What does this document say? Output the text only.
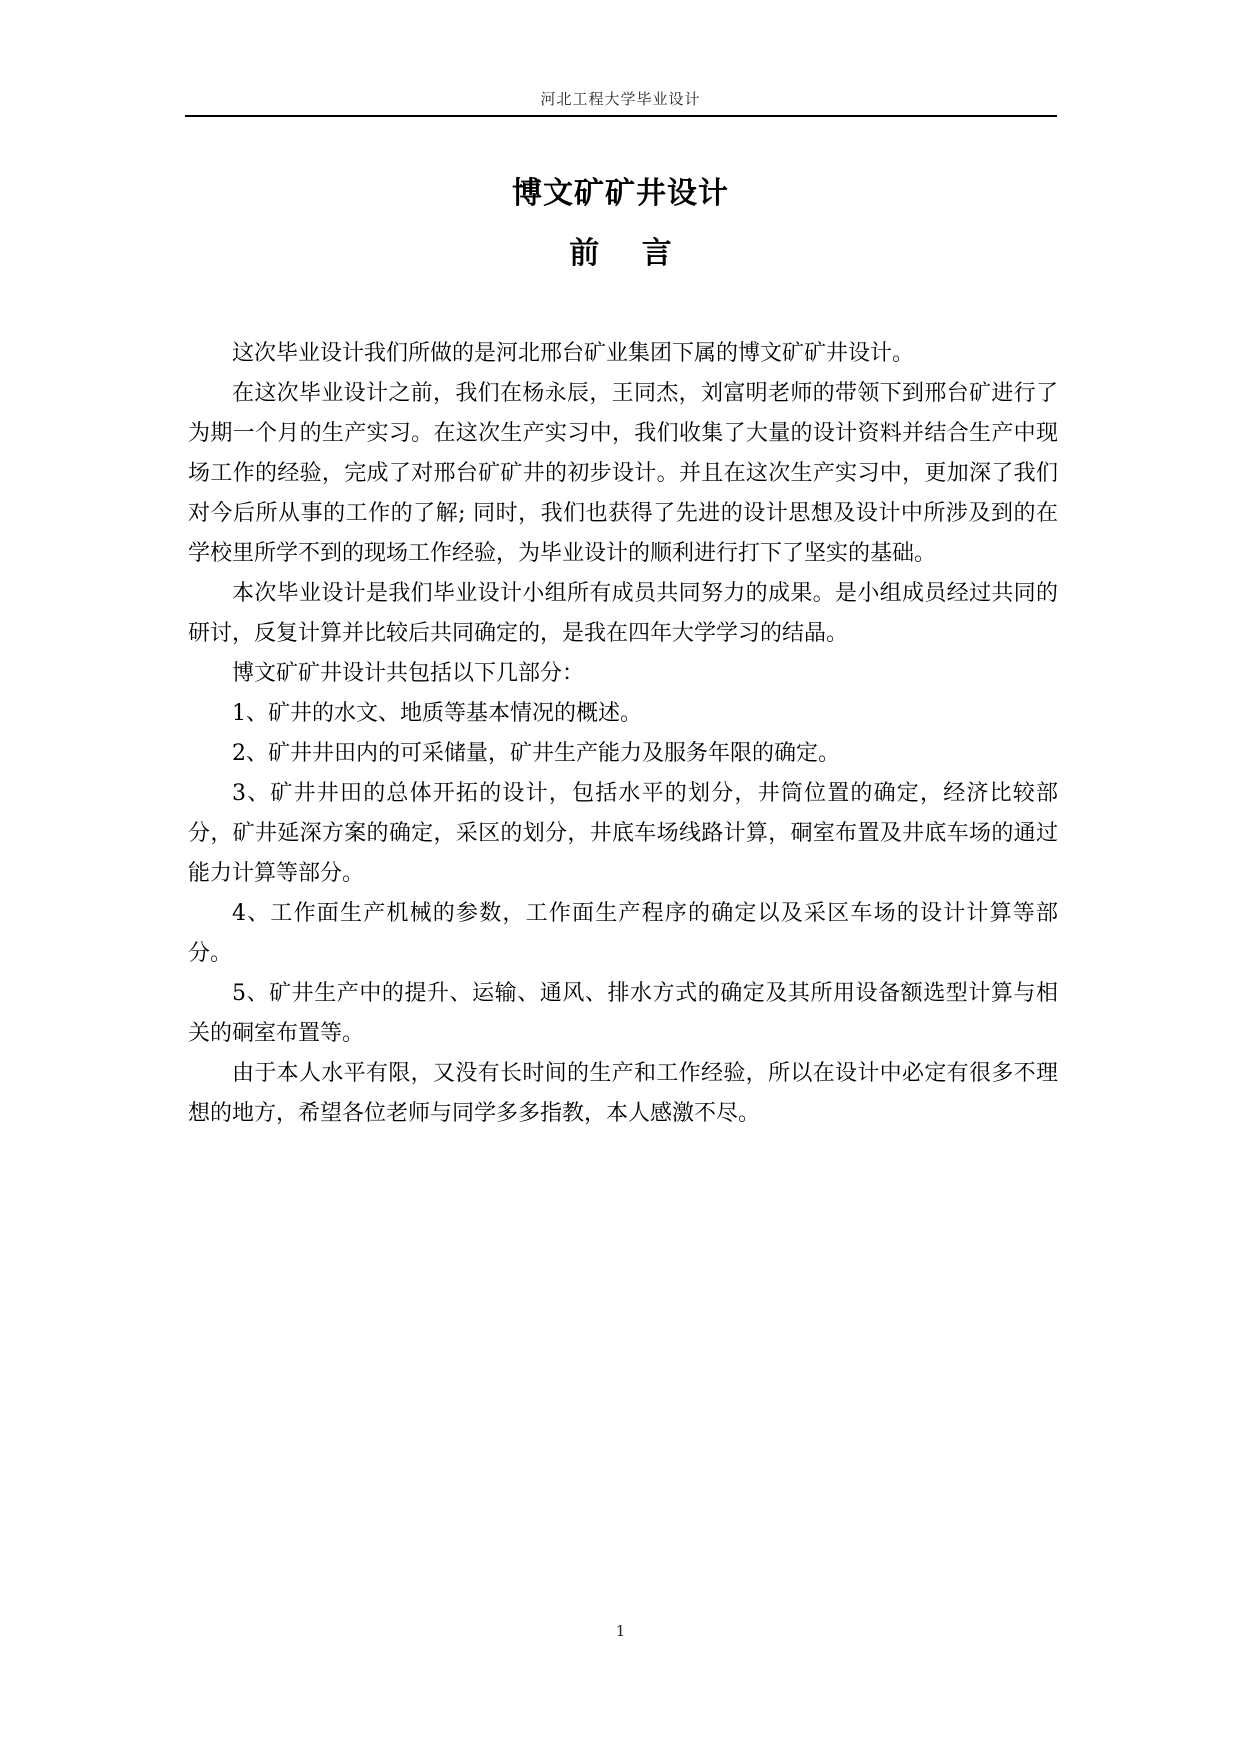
河北工程大学毕业设计
博文矿矿井设计
前 言

这次毕业设计我们所做的是河北邢台矿业集团下属的博文矿矿井设计。

在这次毕业设计之前，我们在杨永辰，王同杰，刘富明老师的带领下到邢台矿进行了为期一个月的生产实习。在这次生产实习中，我们收集了大量的设计资料并结合生产中现场工作的经验，完成了对邢台矿矿井的初步设计。并且在这次生产实习中，更加深了我们对今后所从事的工作的了解; 同时，我们也获得了先进的设计思想及设计中所涉及到的在学校里所学不到的现场工作经验，为毕业设计的顺利进行打下了坚实的基础。

本次毕业设计是我们毕业设计小组所有成员共同努力的成果。是小组成员经过共同的研讨，反复计算并比较后共同确定的，是我在四年大学学习的结晶。

博文矿矿井设计共包括以下几部分：

1、矿井的水文、地质等基本情况的概述。

2、矿井井田内的可采储量，矿井生产能力及服务年限的确定。

3、矿井井田的总体开拓的设计，包括水平的划分，井筒位置的确定，经济比较部分，矿井延深方案的确定，采区的划分，井底车场线路计算，硐室布置及井底车场的通过能力计算等部分。

4、工作面生产机械的参数，工作面生产程序的确定以及采区车场的设计计算等部分。

5、矿井生产中的提升、运输、通风、排水方式的确定及其所用设备额选型计算与相关的硐室布置等。

由于本人水平有限，又没有长时间的生产和工作经验，所以在设计中必定有很多不理想的地方，希望各位老师与同学多多指教，本人感激不尽。

1
